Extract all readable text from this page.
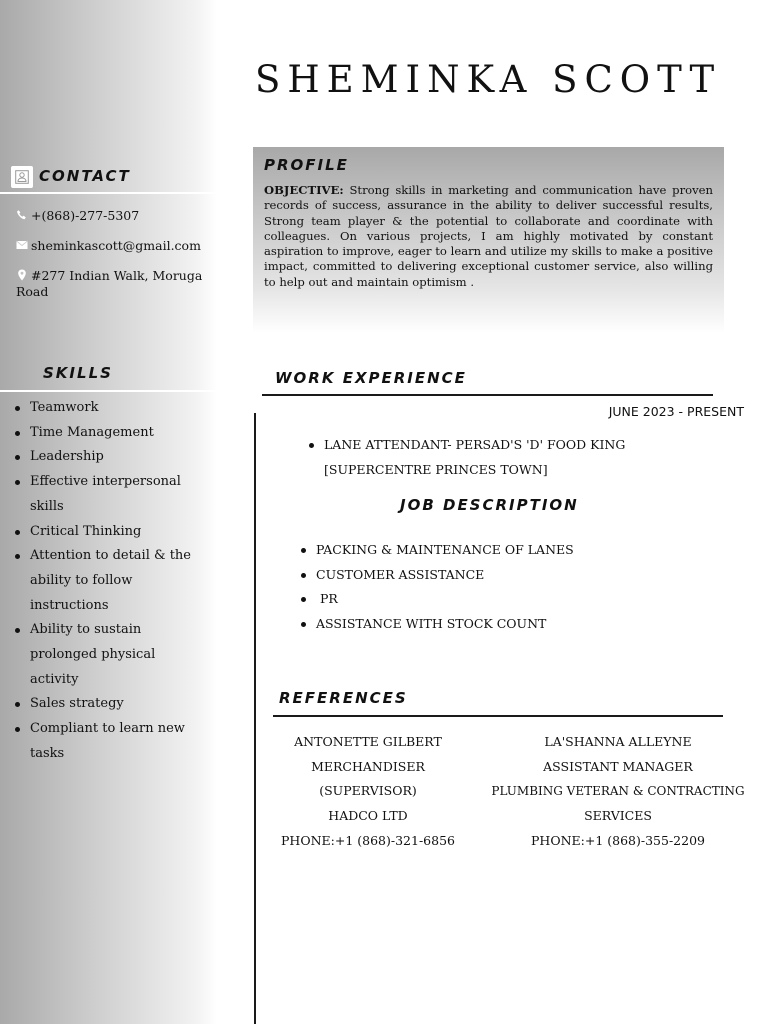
SHEMINKA SCOTT
CONTACT
+(868)-277-5307
sheminkascott@gmail.com
#277 Indian Walk, Moruga
Road
SKILLS
Teamwork
Time Management
Leadership
Effective interpersonal
skills
Critical Thinking
Attention to detail & the
ability to follow
instructions
Ability to sustain
prolonged physical
activity
Sales strategy
Compliant to learn new
tasks
PROFILE
OBJECTIVE: Strong skills in marketing and communication have proven records of success, assurance in the ability to deliver successful results, Strong team player & the potential to collaborate and coordinate with colleagues. On various projects, I am highly motivated by constant aspiration to improve, eager to learn and utilize my skills to make a positive impact, committed to delivering exceptional customer service, also willing to help out and maintain optimism .
WORK EXPERIENCE
JUNE 2023 - PRESENT
LANE ATTENDANT- PERSAD'S 'D' FOOD KING
[SUPERCENTRE PRINCES TOWN]
JOB DESCRIPTION
PACKING & MAINTENANCE OF LANES
CUSTOMER ASSISTANCE
PR
ASSISTANCE WITH STOCK COUNT
REFERENCES
ANTONETTE GILBERT
MERCHANDISER
(SUPERVISOR)
HADCO LTD
PHONE:+1 (868)-321-6856
LA'SHANNA ALLEYNE
ASSISTANT MANAGER
PLUMBING VETERAN & CONTRACTING
SERVICES
PHONE:+1 (868)-355-2209
